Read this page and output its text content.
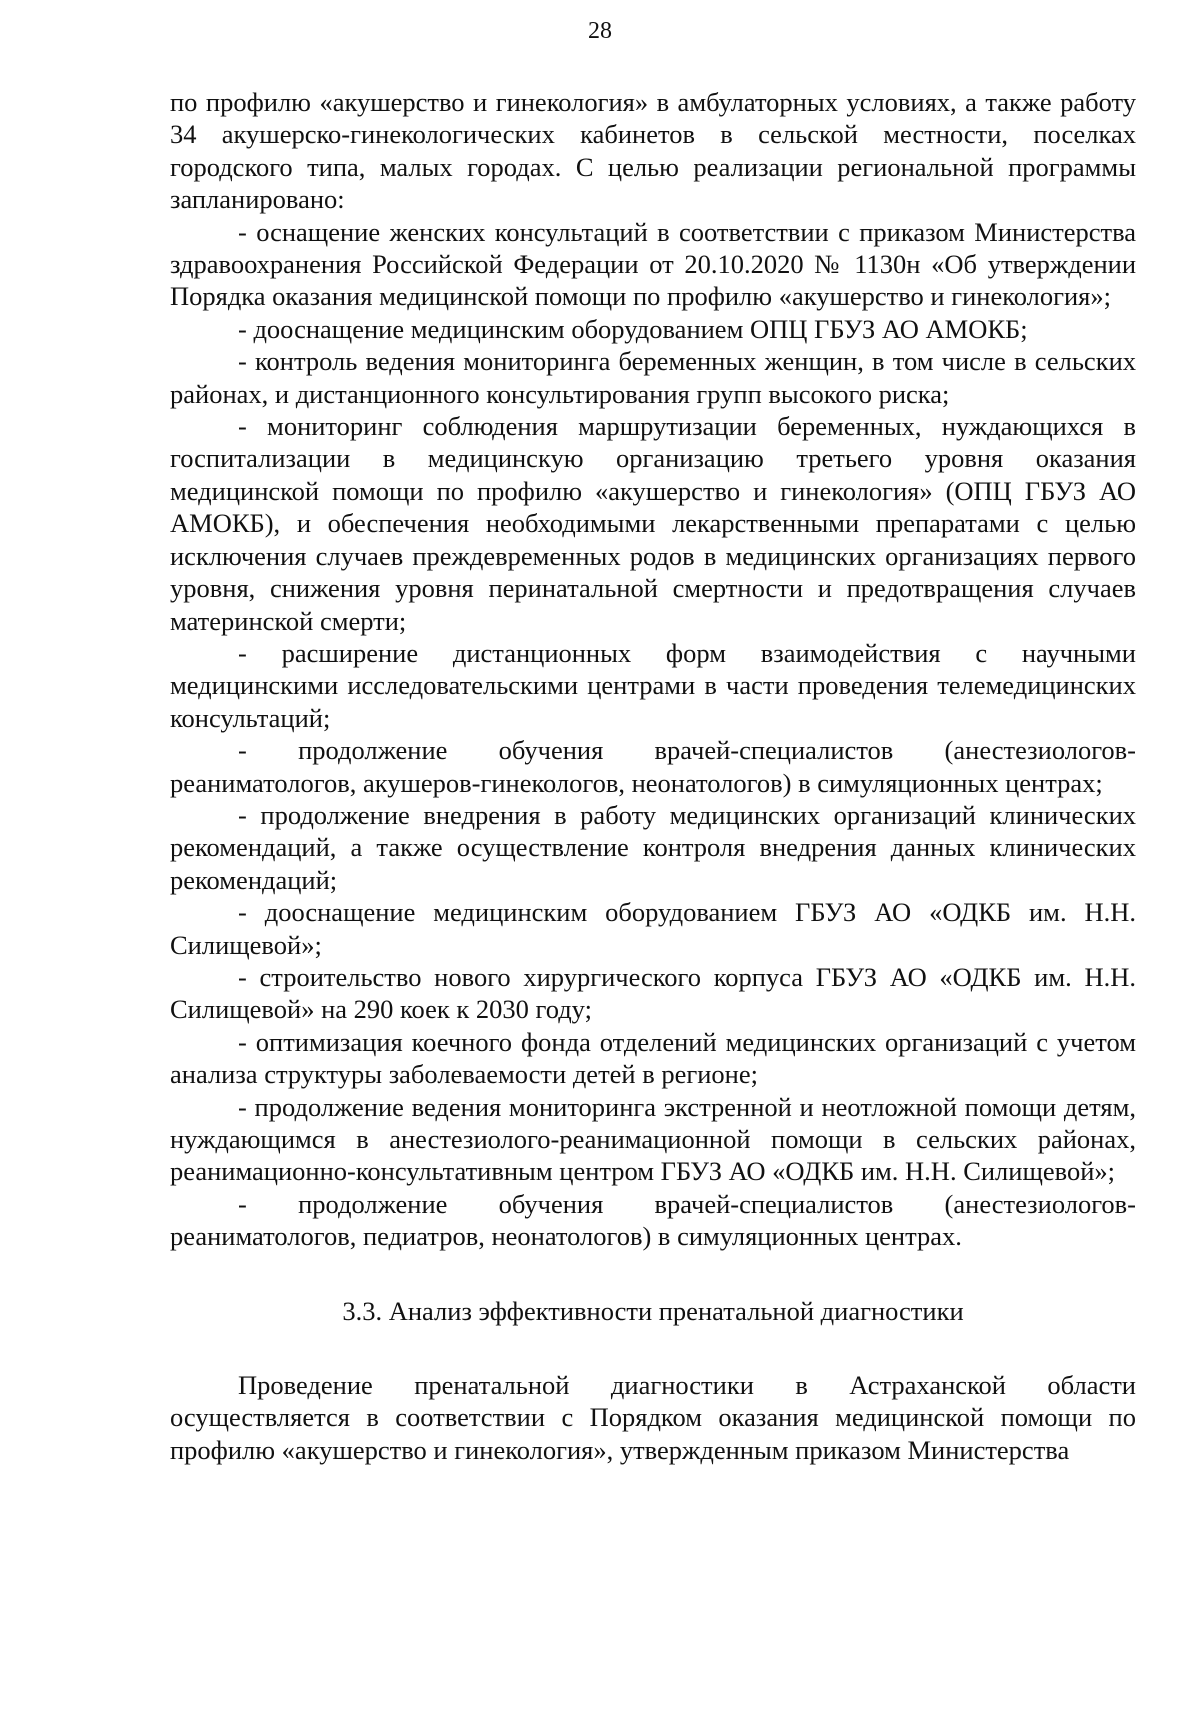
28

по профилю «акушерство и гинекология» в амбулаторных условиях, а также работу 34 акушерско-гинекологических кабинетов в сельской местности, поселках городского типа, малых городах. С целью реализации региональной программы запланировано:

- оснащение женских консультаций в соответствии с приказом Министерства здравоохранения Российской Федерации от 20.10.2020 № 1130н «Об утверждении Порядка оказания медицинской помощи по профилю «акушерство и гинекология»;

- дооснащение медицинским оборудованием ОПЦ ГБУЗ АО АМОКБ;

- контроль ведения мониторинга беременных женщин, в том числе в сельских районах, и дистанционного консультирования групп высокого риска;

- мониторинг соблюдения маршрутизации беременных, нуждающихся в госпитализации в медицинскую организацию третьего уровня оказания медицинской помощи по профилю «акушерство и гинекология» (ОПЦ ГБУЗ АО АМОКБ), и обеспечения необходимыми лекарственными препаратами с целью исключения случаев преждевременных родов в медицинских организациях первого уровня, снижения уровня перинатальной смертности и предотвращения случаев материнской смерти;

- расширение дистанционных форм взаимодействия с научными медицинскими исследовательскими центрами в части проведения телемедицинских консультаций;

- продолжение обучения врачей-специалистов (анестезиологов-реаниматологов, акушеров-гинекологов, неонатологов) в симуляционных центрах;

- продолжение внедрения в работу медицинских организаций клинических рекомендаций, а также осуществление контроля внедрения данных клинических рекомендаций;

- дооснащение медицинским оборудованием ГБУЗ АО «ОДКБ им. Н.Н. Силищевой»;

- строительство нового хирургического корпуса ГБУЗ АО «ОДКБ им. Н.Н. Силищевой» на 290 коек к 2030 году;

- оптимизация коечного фонда отделений медицинских организаций с учетом анализа структуры заболеваемости детей в регионе;

- продолжение ведения мониторинга экстренной и неотложной помощи детям, нуждающимся в анестезиолого-реанимационной помощи в сельских районах, реанимационно-консультативным центром ГБУЗ АО «ОДКБ им. Н.Н. Силищевой»;

- продолжение обучения врачей-специалистов (анестезиологов-реаниматологов, педиатров, неонатологов) в симуляционных центрах.

3.3. Анализ эффективности пренатальной диагностики

Проведение пренатальной диагностики в Астраханской области осуществляется в соответствии с Порядком оказания медицинской помощи по профилю «акушерство и гинекология», утвержденным приказом Министерства
